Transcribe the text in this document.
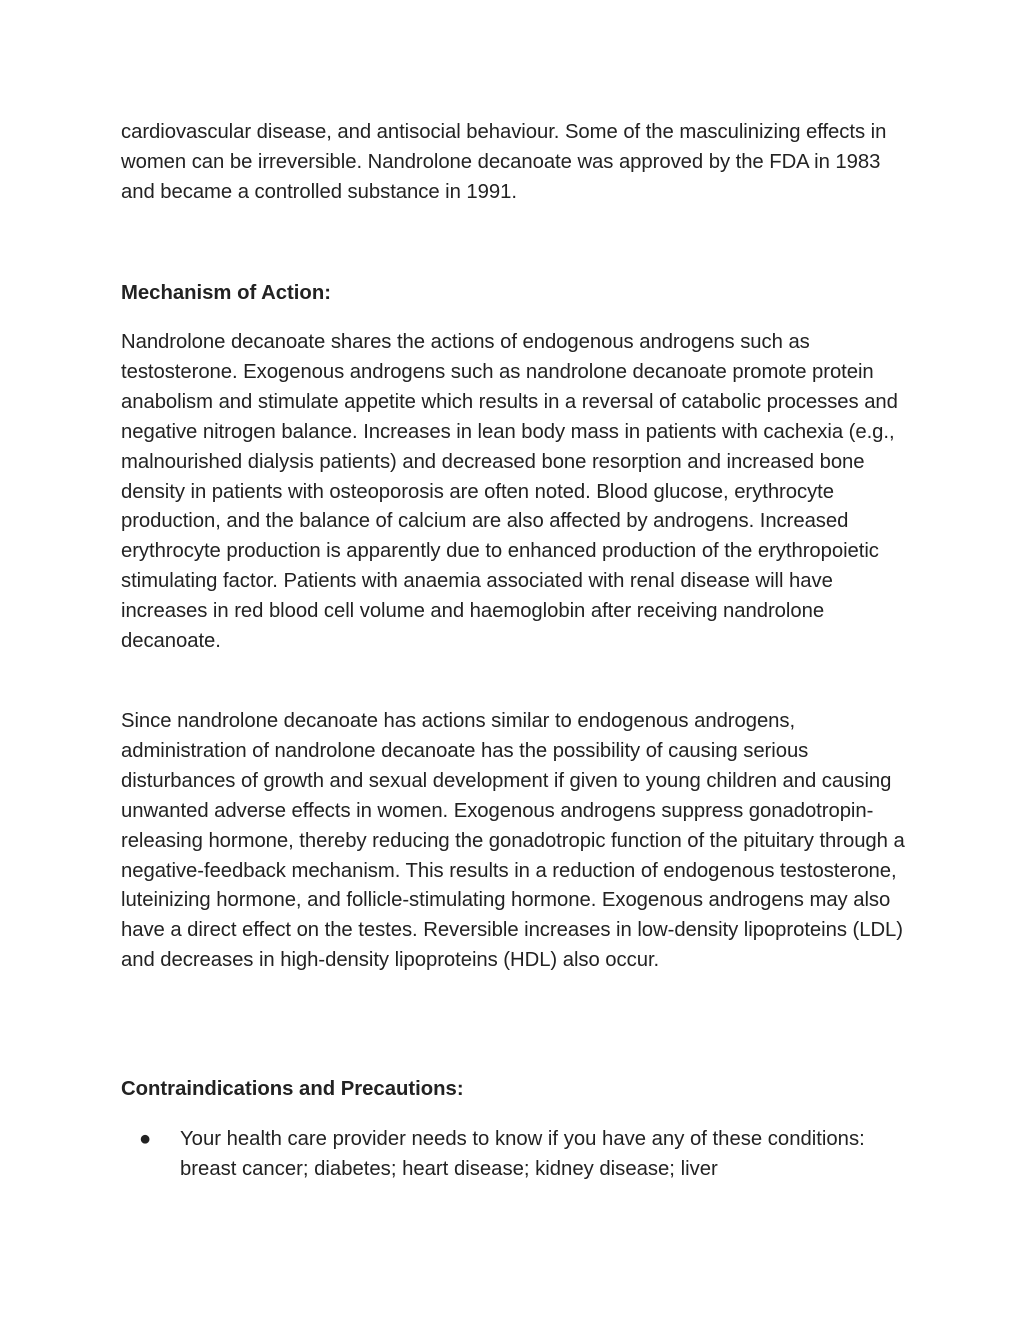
cardiovascular disease, and antisocial behaviour. Some of the masculinizing effects in women can be irreversible. Nandrolone decanoate was approved by the FDA in 1983 and became a controlled substance in 1991.

Mechanism of Action:

Nandrolone decanoate shares the actions of endogenous androgens such as testosterone. Exogenous androgens such as nandrolone decanoate promote protein anabolism and stimulate appetite which results in a reversal of catabolic processes and negative nitrogen balance. Increases in lean body mass in patients with cachexia (e.g., malnourished dialysis patients) and decreased bone resorption and increased bone density in patients with osteoporosis are often noted. Blood glucose, erythrocyte production, and the balance of calcium are also affected by androgens. Increased erythrocyte production is apparently due to enhanced production of the erythropoietic stimulating factor. Patients with anaemia associated with renal disease will have increases in red blood cell volume and haemoglobin after receiving nandrolone decanoate.

Since nandrolone decanoate has actions similar to endogenous androgens, administration of nandrolone decanoate has the possibility of causing serious disturbances of growth and sexual development if given to young children and causing unwanted adverse effects in women. Exogenous androgens suppress gonadotropin-releasing hormone, thereby reducing the gonadotropic function of the pituitary through a negative-feedback mechanism. This results in a reduction of endogenous testosterone, luteinizing hormone, and follicle-stimulating hormone. Exogenous androgens may also have a direct effect on the testes. Reversible increases in low-density lipoproteins (LDL) and decreases in high-density lipoproteins (HDL) also occur.

Contraindications and Precautions:

● Your health care provider needs to know if you have any of these conditions: breast cancer; diabetes; heart disease; kidney disease; liver
